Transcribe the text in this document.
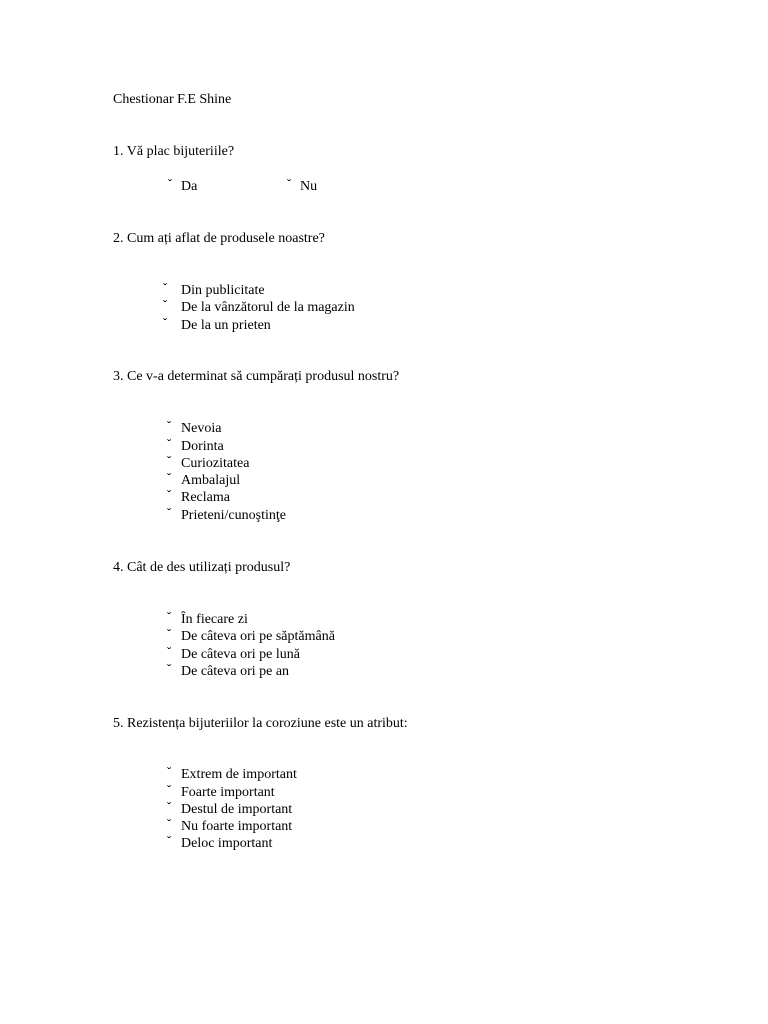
Chestionar F.E Shine
1. Vă plac bijuteriile?
ˇ Da	ˇ Nu
2. Cum ați aflat de produsele noastre?
ˇ Din publicitate
ˇ De la vânzătorul de la magazin
ˇ De la un prieten
3. Ce v-a determinat să cumpărați produsul nostru?
ˇ Nevoia
ˇ Dorinta
ˇ Curiozitatea
ˇ Ambalajul
ˇ Reclama
ˇ Prieteni/cunoştinţe
4. Cât de des utilizați produsul?
ˇ În fiecare zi
ˇ De câteva ori pe săptămână
ˇ De câteva ori pe lună
ˇ De câteva ori pe an
5. Rezistența bijuteriilor la coroziune este un atribut:
ˇ Extrem de important
ˇ Foarte important
ˇ Destul de important
ˇ Nu foarte important
ˇ Deloc important
